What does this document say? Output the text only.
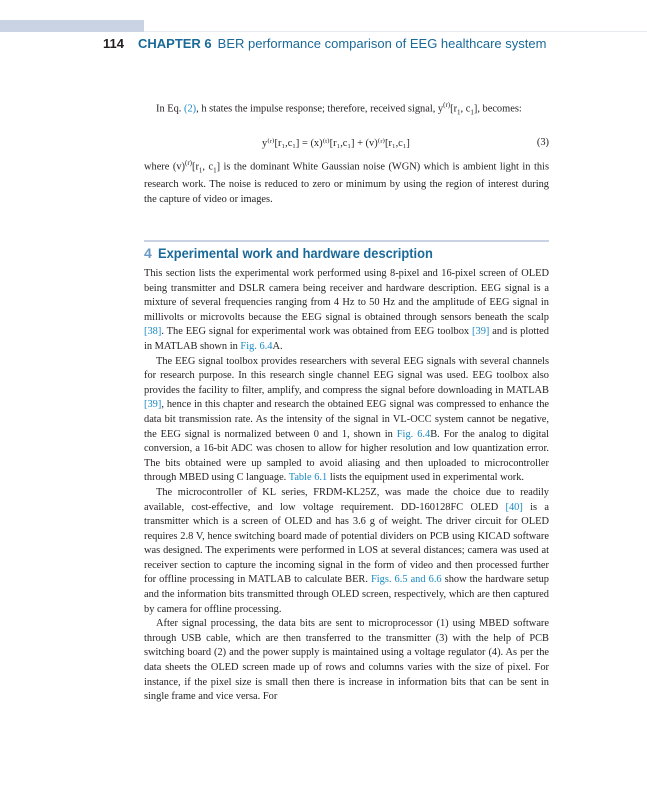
114 CHAPTER 6 BER performance comparison of EEG healthcare system

In Eq. (2), h states the impulse response; therefore, received signal, $y^{(r)}[r_1$, $c_1$], becomes:

y⁽ʳ⁾[r₁,c₁] = (x)⁽ᵗ⁾[r₁,c₁] + (v)⁽ʳ⁾[r₁,c₁]	(3)

where $(v)^{(r)}[r_1$, $c_1$] is the dominant White Gaussian noise (WGN) which is ambient light in this research work. The noise is reduced to zero or minimum by using the region of interest during the capture of video or images.

4 Experimental work and hardware description

This section lists the experimental work performed using 8-pixel and 16-pixel screen of OLED being transmitter and DSLR camera being receiver and hardware description. EEG signal is a mixture of several frequencies ranging from 4 Hz to 50 Hz and the amplitude of EEG signal in millivolts or microvolts because the EEG signal is obtained through sensors beneath the scalp [38]. The EEG signal for experimental work was obtained from EEG toolbox [39] and is plotted in MATLAB shown in Fig. 6.4A.

The EEG signal toolbox provides researchers with several EEG signals with several channels for research purpose. In this research single channel EEG signal was used. EEG toolbox also provides the facility to filter, amplify, and compress the signal before downloading in MATLAB [39], hence in this chapter and research the obtained EEG signal was compressed to enhance the data bit transmission rate. As the intensity of the signal in VL-OCC system cannot be negative, the EEG signal is normalized between 0 and 1, shown in Fig. 6.4B. For the analog to digital conversion, a 16-bit ADC was chosen to allow for higher resolution and low quantization error. The bits obtained were up sampled to avoid aliasing and then uploaded to microcontroller through MBED using C language. Table 6.1 lists the equipment used in experimental work.

The microcontroller of KL series, FRDM-KL25Z, was made the choice due to readily available, cost-effective, and low voltage requirement. DD-160128FC OLED [40] is a transmitter which is a screen of OLED and has 3.6 g of weight. The driver circuit for OLED requires 2.8 V, hence switching board made of potential dividers on PCB using KICAD software was designed. The experiments were performed in LOS at several distances; camera was used at receiver section to capture the incoming signal in the form of video and then processed further for offline processing in MATLAB to calculate BER. Figs. 6.5 and 6.6 show the hardware setup and the information bits transmitted through OLED screen, respectively, which are then captured by camera for offline processing.

After signal processing, the data bits are sent to microprocessor (1) using MBED software through USB cable, which are then transferred to the transmitter (3) with the help of PCB switching board (2) and the power supply is maintained using a voltage regulator (4). As per the data sheets the OLED screen made up of rows and columns varies with the size of pixel. For instance, if the pixel size is small then there is increase in information bits that can be sent in single frame and vice versa. For
